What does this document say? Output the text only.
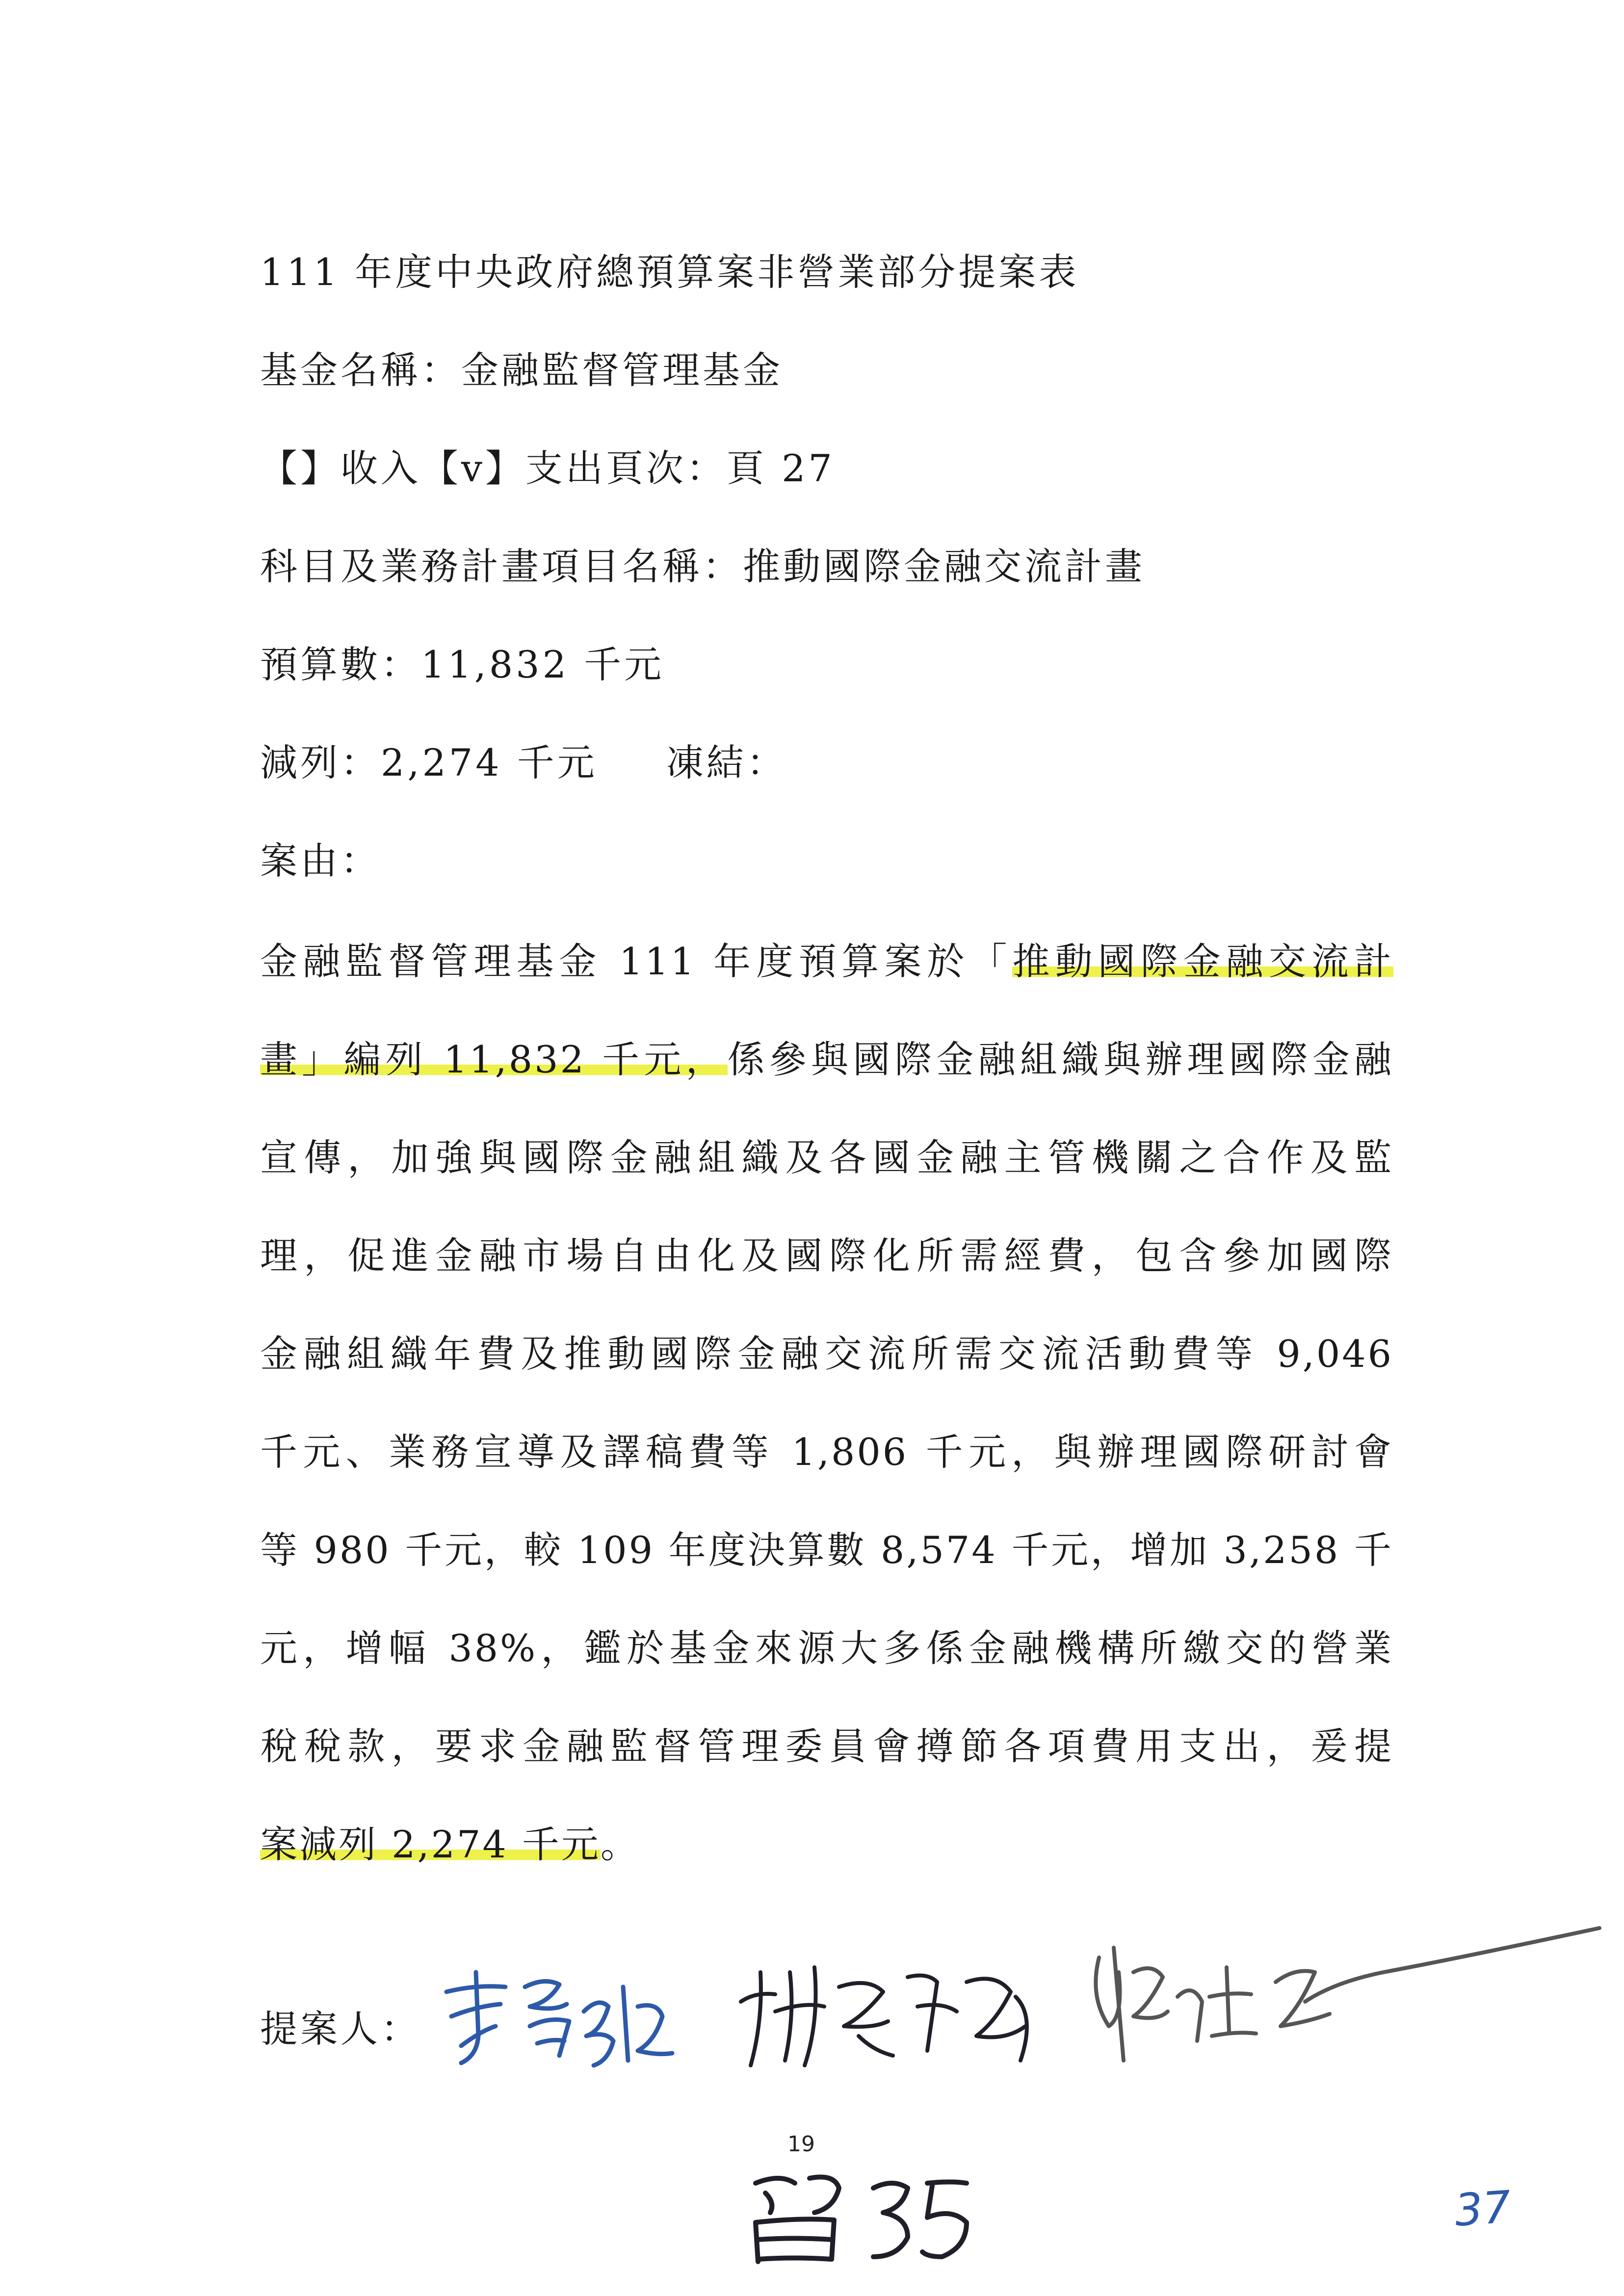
111 年度中央政府總預算案非營業部分提案表
基金名稱：金融監督管理基金
【】收入【v】支出頁次：頁 27
科目及業務計畫項目名稱：推動國際金融交流計畫
預算數：11,832 千元
減列：2,274 千元 凍結：
案由：
金融監督管理基金 111 年度預算案於「推動國際金融交流計
畫」編列 11,832 千元，係參與國際金融組織與辦理國際金融
宣傳，加強與國際金融組織及各國金融主管機關之合作及監
理，促進金融市場自由化及國際化所需經費，包含參加國際
金融組織年費及推動國際金融交流所需交流活動費等 9,046
千元、業務宣導及譯稿費等 1,806 千元，與辦理國際研討會
等 980 千元，較 109 年度決算數 8,574 千元，增加 3,258 千
元，增幅 38%，鑑於基金來源大多係金融機構所繳交的營業
稅稅款，要求金融監督管理委員會撙節各項費用支出，爰提
案減列 2,274 千元。
提案人：
19
37
